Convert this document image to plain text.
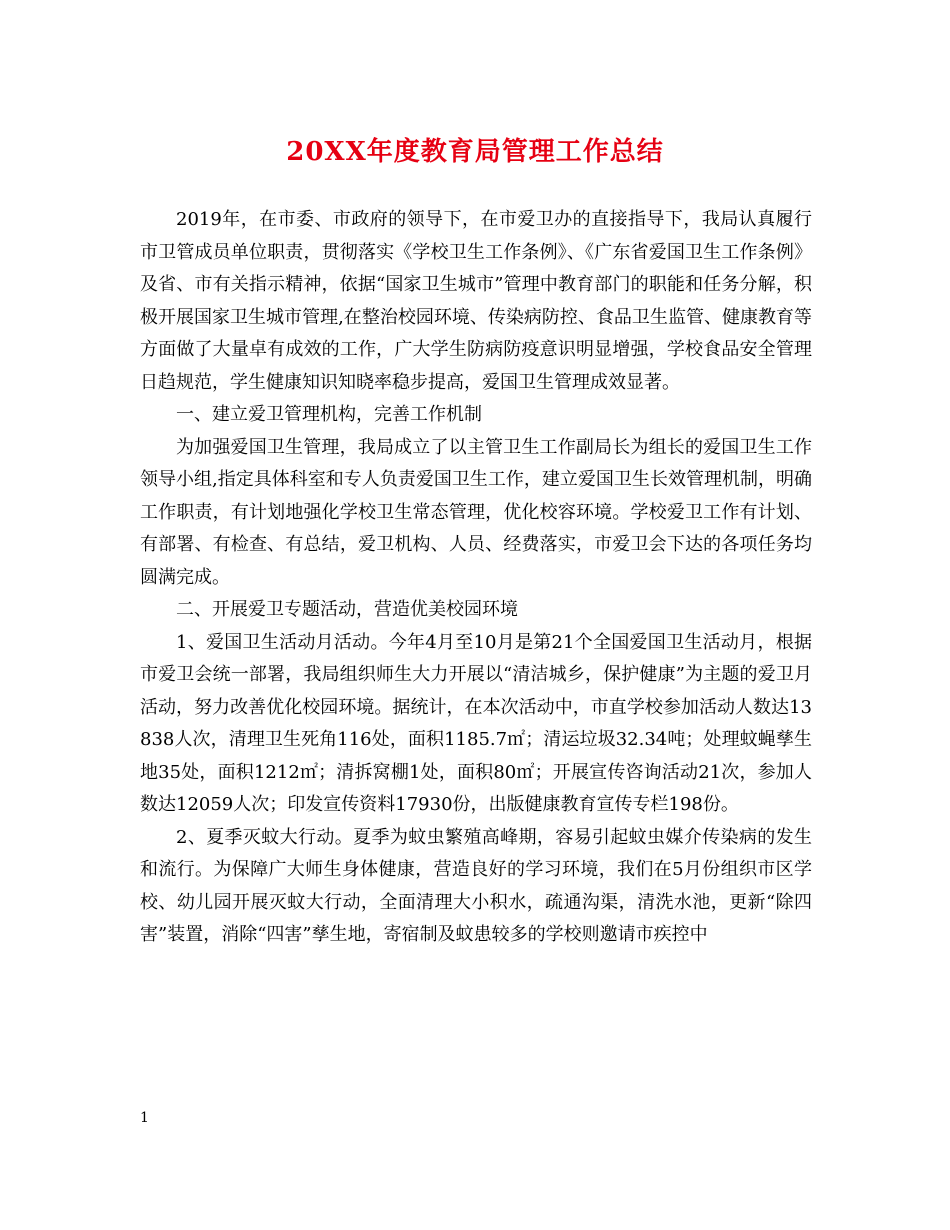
20XX年度教育局管理工作总结

2019年，在市委、市政府的领导下，在市爱卫办的直接指导下，我局认真履行市卫管成员单位职责，贯彻落实《学校卫生工作条例》、《广东省爱国卫生工作条例》及省、市有关指示精神，依据“国家卫生城市”管理中教育部门的职能和任务分解，积极开展国家卫生城市管理,在整治校园环境、传染病防控、食品卫生监管、健康教育等方面做了大量卓有成效的工作，广大学生防病防疫意识明显增强，学校食品安全管理日趋规范，学生健康知识知晓率稳步提高，爱国卫生管理成效显著。

一、建立爱卫管理机构，完善工作机制

为加强爱国卫生管理，我局成立了以主管卫生工作副局长为组长的爱国卫生工作领导小组,指定具体科室和专人负责爱国卫生工作，建立爱国卫生长效管理机制，明确工作职责，有计划地强化学校卫生常态管理，优化校容环境。学校爱卫工作有计划、有部署、有检查、有总结，爱卫机构、人员、经费落实，市爱卫会下达的各项任务均圆满完成。

二、开展爱卫专题活动，营造优美校园环境

1、爱国卫生活动月活动。今年4月至10月是第21个全国爱国卫生活动月，根据市爱卫会统一部署，我局组织师生大力开展以“清洁城乡，保护健康”为主题的爱卫月活动，努力改善优化校园环境。据统计，在本次活动中，市直学校参加活动人数达13838人次，清理卫生死角116处，面积1185.7㎡；清运垃圾32.34吨；处理蚊蝇孳生地35处，面积1212㎡；清拆窝棚1处，面积80㎡；开展宣传咨询活动21次，参加人数达12059人次；印发宣传资料17930份，出版健康教育宣传专栏198份。

2、夏季灭蚊大行动。夏季为蚊虫繁殖高峰期，容易引起蚊虫媒介传染病的发生和流行。为保障广大师生身体健康，营造良好的学习环境，我们在5月份组织市区学校、幼儿园开展灭蚊大行动，全面清理大小积水，疏通沟渠，清洗水池，更新“除四害”装置，消除“四害”孳生地，寄宿制及蚊患较多的学校则邀请市疾控中

1
